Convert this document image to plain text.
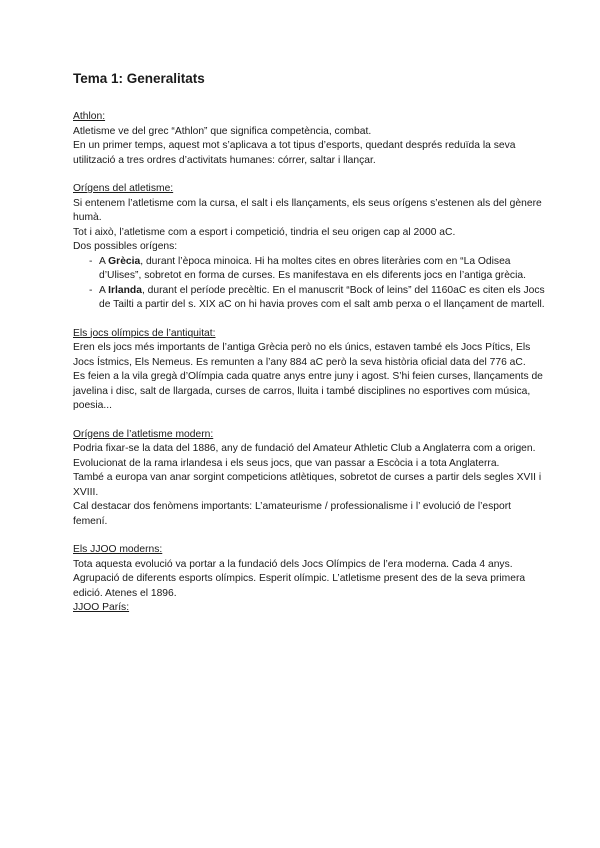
Tema 1: Generalitats

Athlon:

Atletisme ve del grec “Athlon” que significa competència, combat.

En un primer temps, aquest mot s’aplicava a tot tipus d’esports, quedant després reduïda la seva utilització a tres ordres d’activitats humanes: córrer, saltar i llançar.

Orígens del atletisme:

Si entenem l’atletisme com la cursa, el salt i els llançaments, els seus orígens s’estenen als del gènere humà.

Tot i això, l’atletisme com a esport i competició, tindria el seu origen cap al 2000 aC.

Dos possibles orígens:

- A Grècia, durant l’època minoica. Hi ha moltes cites en obres literàries com en “La Odisea d’Ulises”, sobretot en forma de curses. Es manifestava en els diferents jocs en l’antiga grècia.
- A Irlanda, durant el període precèltic. En el manuscrit “Bock of leins” del 1160aC es citen els Jocs de Tailti a partir del s. XIX aC on hi havia proves com el salt amb perxa o el llançament de martell.

Els jocs olímpics de l’antiquitat:

Eren els jocs més importants de l’antiga Grècia però no els únics, estaven també els Jocs Pítics, Els Jocs Ístmics, Els Nemeus. Es remunten a l’any 884 aC però la seva història oficial data del 776 aC.

Es feien a la vila gregà d’Olímpia cada quatre anys entre juny i agost. S’hi feien curses, llançaments de javelina i disc, salt de llargada, curses de carros, lluita i també disciplines no esportives com música, poesia...

Orígens de l’atletisme modern:

Podria fixar-se la data del 1886, any de fundació del Amateur Athletic Club a Anglaterra com a origen. Evolucionat de la rama irlandesa i els seus jocs, que van passar a Escòcia i a tota Anglaterra.

També a europa van anar sorgint competicions atlètiques, sobretot de curses a partir dels segles XVII i XVIII.

Cal destacar dos fenòmens importants: L’amateurisme / professionalisme i l’ evolució de l’esport femení.

Els JJOO moderns:

Tota aquesta evolució va portar a la fundació dels Jocs Olímpics de l’era moderna. Cada 4 anys. Agrupació de diferents esports olímpics. Esperit olímpic. L’atletisme present des de la seva primera edició. Atenes el 1896.

JJOO París:
